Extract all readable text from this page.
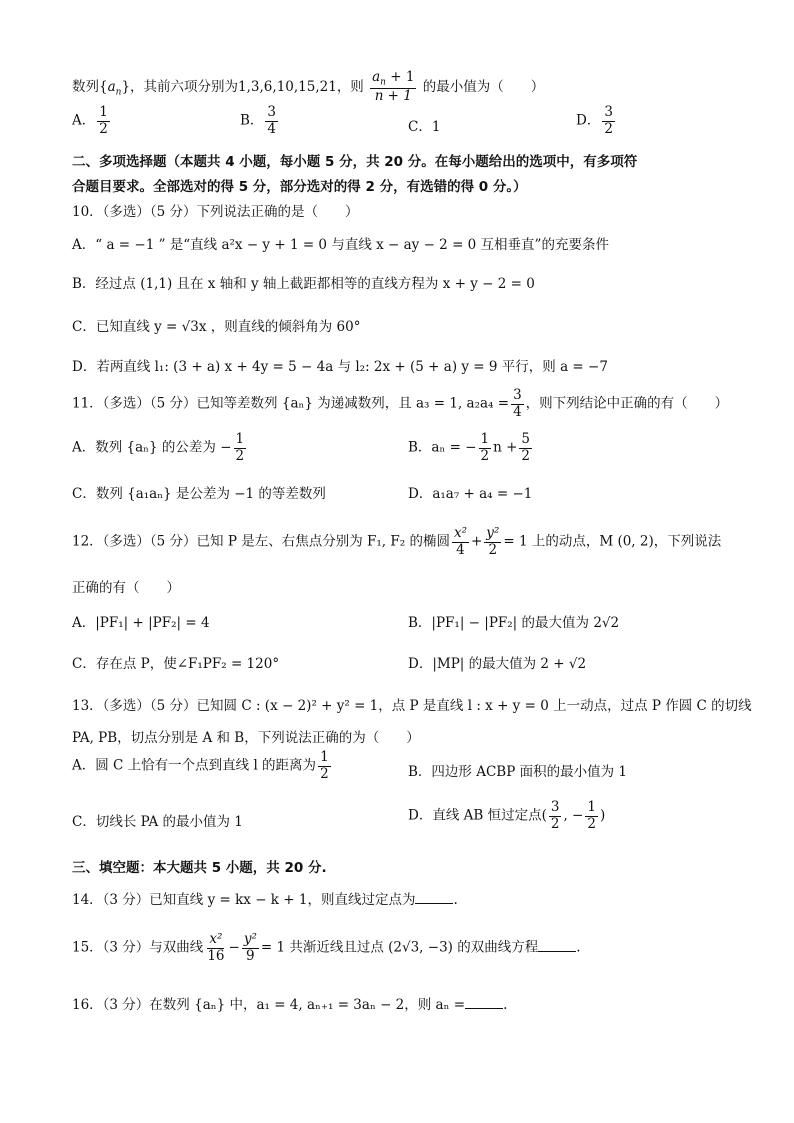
数列$\{a_n\}$，其前六项分别为1,3,6,10,15,21，则 $\frac{a_n + 1}{n + 1}$ 的最小值为（　　）
A． $\frac{1}{2}$	B． $\frac{3}{4}$	C．1	D． $\frac{3}{2}$
二、多项选择题（本题共 4 小题，每小题 5 分，共 20 分。在每小题给出的选项中，有多项符
合题目要求。全部选对的得 5 分，部分选对的得 2 分，有选错的得 0 分。）
10．（多选）（5 分）下列说法正确的是（　　）
A．“ a = −1 ” 是“直线 a²x − y + 1 = 0 与直线 x − ay − 2 = 0 互相垂直”的充要条件
B．经过点 (1,1) 且在 x 轴和 y 轴上截距都相等的直线方程为 x + y − 2 = 0
C．已知直线 y = √3x ，则直线的倾斜角为 60°
D．若两直线 l₁: (3 + a) x + 4y = 5 − 4a 与 l₂: 2x + (5 + a) y = 9 平行，则 a = −7
11．（多选）（5 分）已知等差数列 {aₙ} 为递减数列，且 a₃ = 1, $a_2a_4 = \frac{3}{4}$ ，则下列结论中正确的有（　　）
A．数列 {aₙ} 的公差为 − $\frac{1}{2}$	B．aₙ = − $\frac{1}{2}$ $n + \frac{5}{2}$
C．数列 {a₁aₙ} 是公差为 −1 的等差数列	D．a₁a₇ + a₄ = −1
12．（多选）（5 分）已知 P 是左、右焦点分别为 F₁, F₂ 的椭圆 $\frac{\text{x²}}{4} + \frac{\text{y²}}{2} = 1$ 上的动点，M (0, 2)，下列说法
正确的有（　　）
A．|PF₁| + |PF₂| = 4	B．|PF₁| − |PF₂| 的最大值为 2√2
C．存在点 P，使∠F₁PF₂ = 120°	D．|MP| 的最大值为 2 + √2
13．（多选）（5 分）已知圆 C : (x − 2)² + y² = 1，点 P 是直线 l : x + y = 0 上一动点，过点 P 作圆 C 的切线
PA, PB，切点分别是 A 和 B，下列说法正确的为（　　）
A．圆 C 上恰有一个点到直线 l 的距离为 $\frac{1}{2}$	B．四边形 ACBP 面积的最小值为 1
C．切线长 PA 的最小值为 1	D．直线 AB 恒过定点( $\frac{3}{2}$ , − $\frac{1}{2}$ )
三、填空题：本大题共 5 小题，共 20 分.
14．（3 分）已知直线 y = kx − k + 1，则直线过定点为	.
15．（3 分）与双曲线 $\frac{\text{x²}}{16} - \frac{\text{y²}}{9} = 1$ 共渐近线且过点 (2√3, −3) 的双曲线方程	.
16．（3 分）在数列 {aₙ} 中，a₁ = 4, aₙ₊₁ = 3aₙ − 2，则 aₙ =	.
